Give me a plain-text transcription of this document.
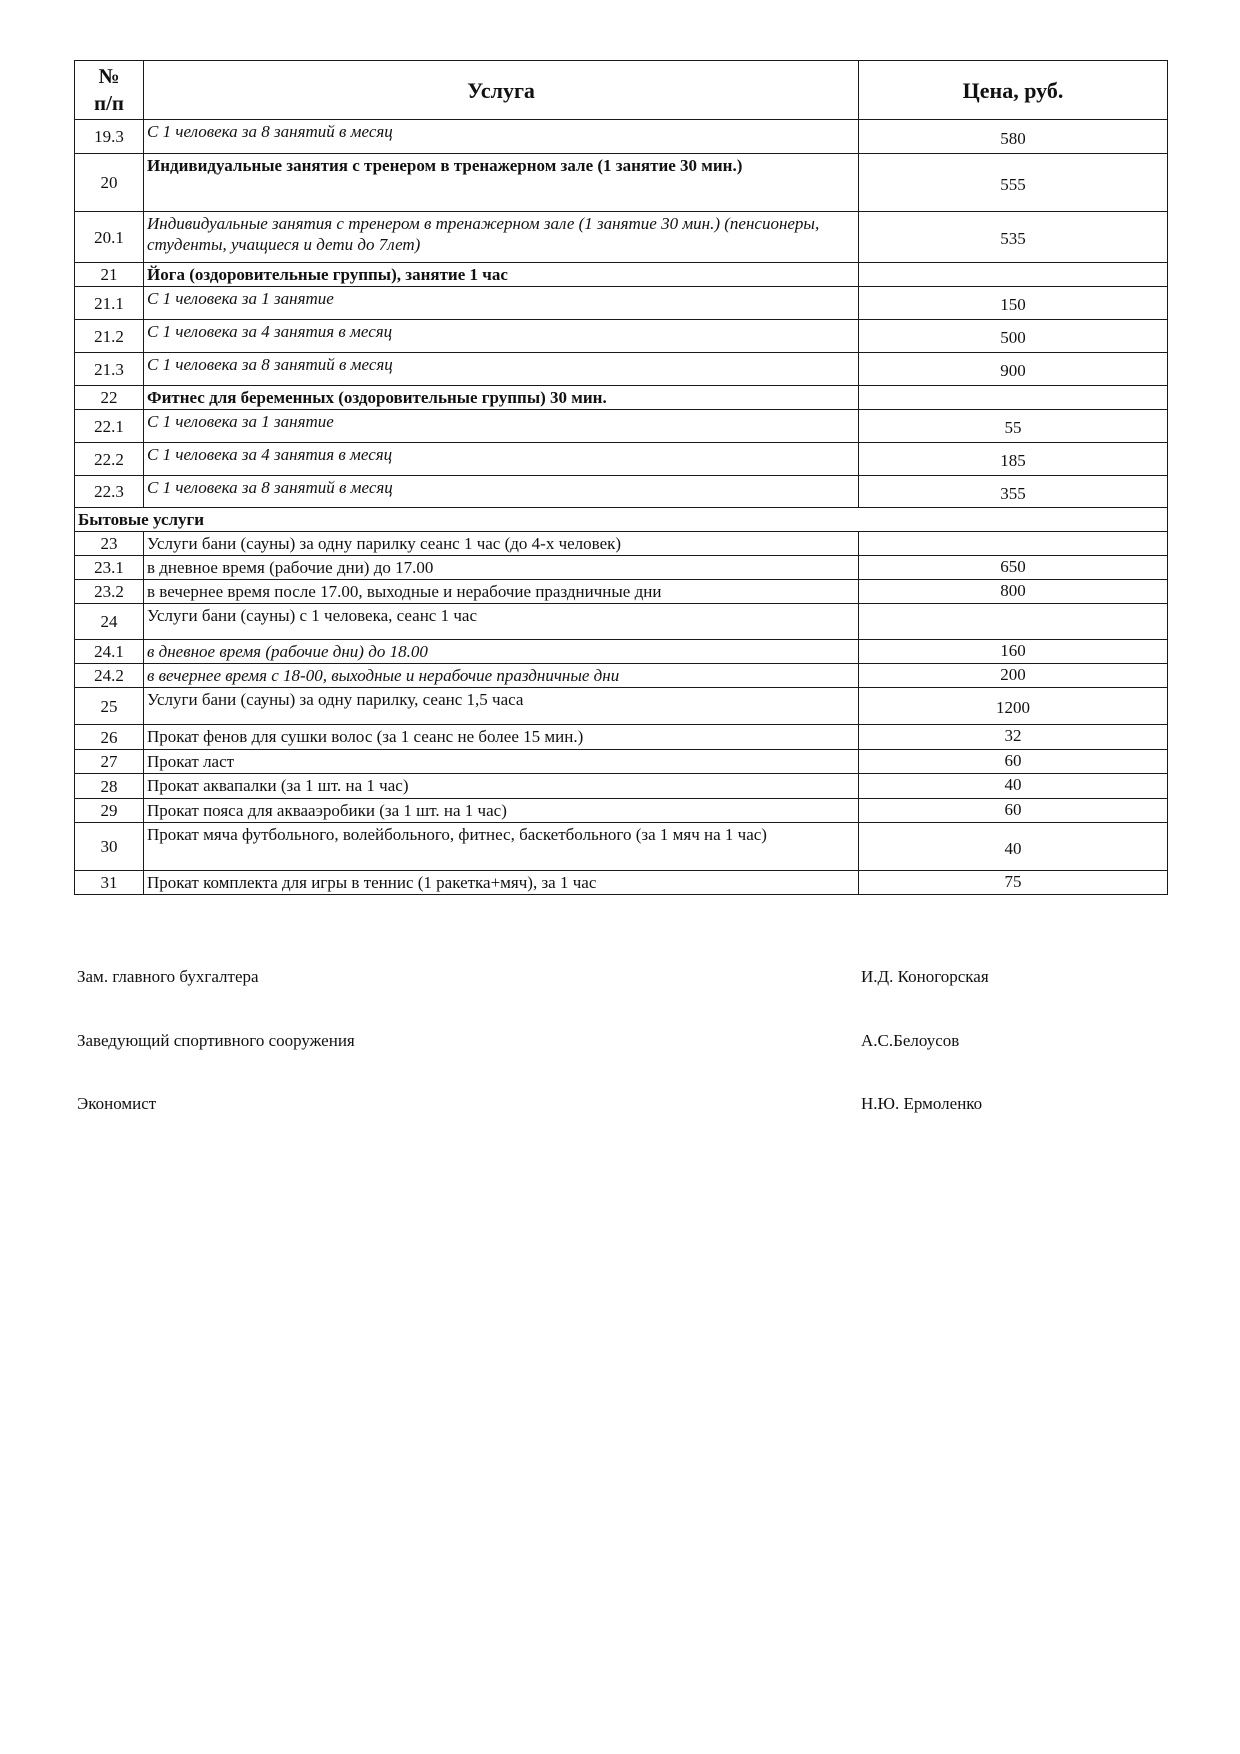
№
п/п	Услуга	Цена, руб.
19.3	С 1 человека за 8 занятий в месяц	580
20	Индивидуальные занятия с тренером в тренажерном зале (1 занятие 30 мин.)	555
20.1	Индивидуальные занятия с тренером в тренажерном зале (1 занятие 30 мин.) (пенсионеры, студенты, учащиеся и дети до 7лет)	535
21	Йога (оздоровительные группы), занятие 1 час	
21.1	С 1 человека за 1 занятие	150
21.2	С 1 человека за 4 занятия в месяц	500
21.3	С 1 человека за 8 занятий в месяц	900
22	Фитнес для беременных (оздоровительные группы) 30 мин.	
22.1	С 1 человека за 1 занятие	55
22.2	С 1 человека за 4 занятия в месяц	185
22.3	С 1 человека за 8 занятий в месяц	355
Бытовые услуги		
23	Услуги бани (сауны) за одну парилку сеанс 1 час (до 4-х человек)	
23.1	в дневное время (рабочие дни) до 17.00	650
23.2	в вечернее время после 17.00, выходные и нерабочие праздничные дни	800
24	Услуги бани (сауны) с 1 человека, сеанс 1 час	
24.1	в дневное время (рабочие дни) до 18.00	160
24.2	в вечернее время с 18-00, выходные и нерабочие праздничные дни	200
25	Услуги бани (сауны) за одну парилку, сеанс 1,5 часа	1200
26	Прокат фенов для сушки волос (за 1 сеанс не более 15 мин.)	32
27	Прокат ласт	60
28	Прокат аквапалки (за 1 шт. на 1 час)	40
29	Прокат пояса для аквааэробики (за 1 шт. на 1 час)	60
30	Прокат мяча футбольного, волейбольного, фитнес, баскетбольного (за 1 мяч на 1 час)	40
31	Прокат комплекта для игры в теннис (1 ракетка+мяч), за 1 час	75
Зам. главного бухгалтера	И.Д. Коногорская
Заведующий спортивного сооружения	А.С.Белоусов
Экономист	Н.Ю. Ермоленко
